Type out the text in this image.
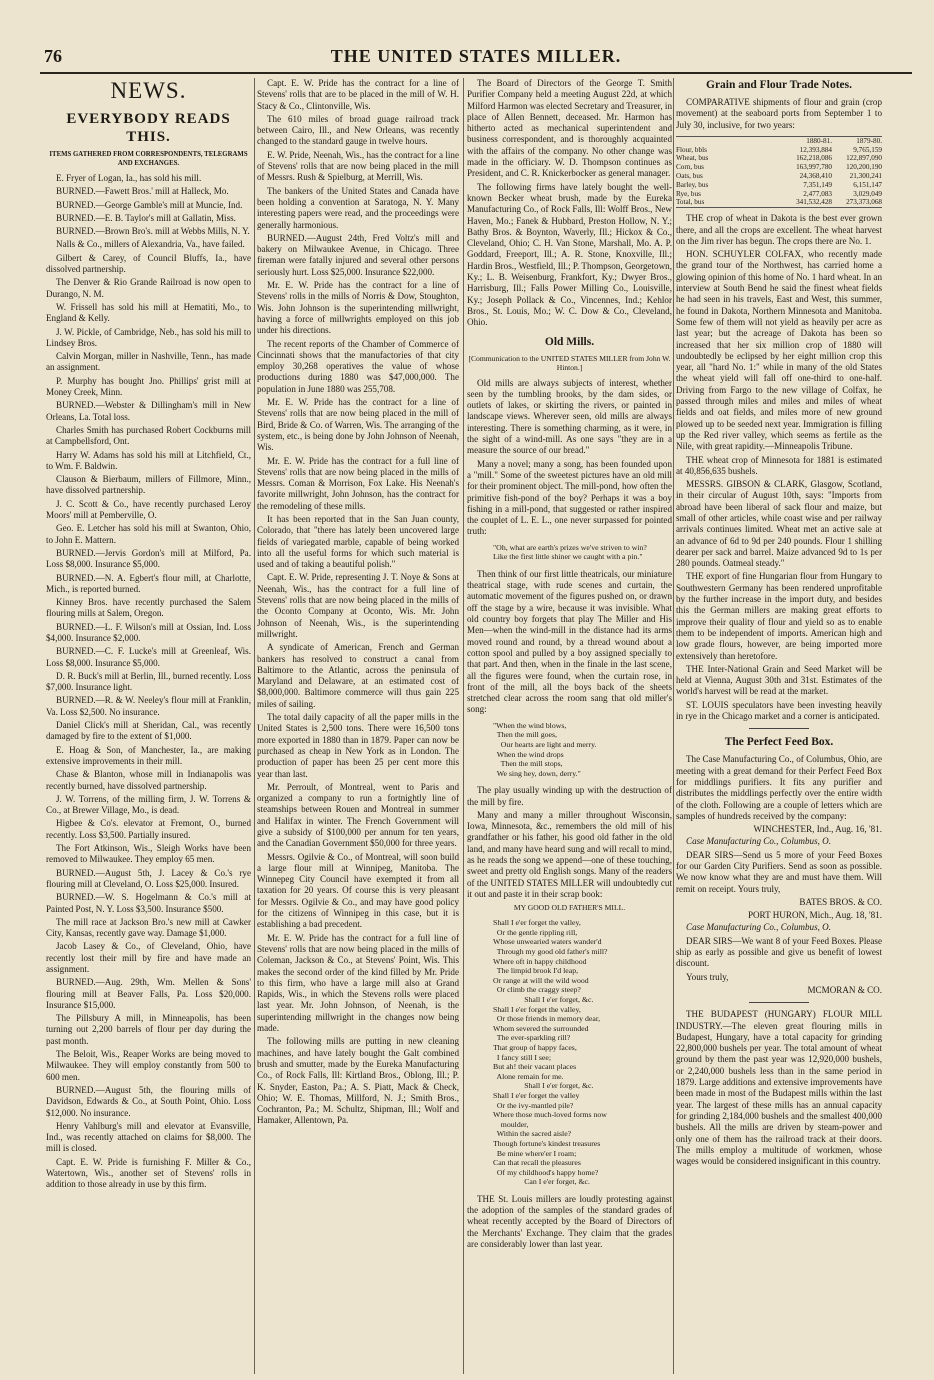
76	THE UNITED STATES MILLER.
NEWS.
EVERYBODY READS THIS.
ITEMS GATHERED FROM CORRESPONDENTS, TELEGRAMS AND EXCHANGES.

E. Fryer of Logan, Ia., has sold his mill.

BURNED.—Fawett Bros.' mill at Halleck, Mo.

BURNED.—George Gamble's mill at Muncie, Ind.

BURNED.—E. B. Taylor's mill at Gallatin, Miss.

BURNED.—Brown Bro's. mill at Webbs Mills, N. Y.

Nalls & Co., millers of Alexandria, Va., have failed.

Gilbert & Carey, of Council Bluffs, Ia., have dissolved partnership.

The Denver & Rio Grande Railroad is now open to Durango, N. M.

W. Frissell has sold his mill at Hematiti, Mo., to England & Kelly.

J. W. Pickle, of Cambridge, Neb., has sold his mill to Lindsey Bros.

Calvin Morgan, miller in Nashville, Tenn., has made an assignment.

P. Murphy has bought Jno. Phillips' grist mill at Money Creek, Minn.

BURNED.—Webster & Dillingham's mill in New Orleans, La. Total loss.

Charles Smith has purchased Robert Cockburns mill at Campbellsford, Ont.

Harry W. Adams has sold his mill at Litchfield, Ct., to Wm. F. Baldwin.

Clauson & Bierbaum, millers of Fillmore, Minn., have dissolved partnership.

J. C. Scott & Co., have recently purchased Leroy Moors' mill at Pemberville, O.

Geo. E. Letcher has sold his mill at Swanton, Ohio, to John E. Mattern.

BURNED.—Jervis Gordon's mill at Milford, Pa. Loss $8,000. Insurance $5,000.

BURNED.—N. A. Egbert's flour mill, at Charlotte, Mich., is reported burned.

Kinney Bros. have recently purchased the Salem flouring mills at Salem, Oregon.

BURNED.—L. F. Wilson's mill at Ossian, Ind. Loss $4,000. Insurance $2,000.

BURNED.—C. F. Lucke's mill at Greenleaf, Wis. Loss $8,000. Insurance $5,000.

D. R. Buck's mill at Berlin, Ill., burned recently. Loss $7,000. Insurance light.

BURNED.—R. & W. Neeley's flour mill at Franklin, Va. Loss $2,500. No insurance.

Daniel Click's mill at Sheridan, Cal., was recently damaged by fire to the extent of $1,000.

E. Hoag & Son, of Manchester, Ia., are making extensive improvements in their mill.

Chase & Blanton, whose mill in Indianapolis was recently burned, have dissolved partnership.

J. W. Torrens, of the milling firm, J. W. Torrens & Co., at Brewer Village, Mo., is dead.

Higbee & Co's. elevator at Fremont, O., burned recently. Loss $3,500. Partially insured.

The Fort Atkinson, Wis., Sleigh Works have been removed to Milwaukee. They employ 65 men.

BURNED.—August 5th, J. Lacey & Co.'s rye flouring mill at Cleveland, O. Loss $25,000. Insured.

BURNED.—W. S. Hogelmann & Co.'s mill at Painted Post, N. Y. Loss $3,500. Insurance $500.

The mill race at Jackson Bro.'s new mill at Cawker City, Kansas, recently gave way. Damage $1,000.

Jacob Lasey & Co., of Cleveland, Ohio, have recently lost their mill by fire and have made an assignment.

BURNED.—Aug. 29th, Wm. Mellen & Sons' flouring mill at Beaver Falls, Pa. Loss $20,000. Insurance $15,000.

The Pillsbury A mill, in Minneapolis, has been turning out 2,200 barrels of flour per day during the past month.

The Beloit, Wis., Reaper Works are being moved to Milwaukee. They will employ constantly from 500 to 600 men.

BURNED.—August 5th, the flouring mills of Davidson, Edwards & Co., at South Point, Ohio. Loss $12,000. No insurance.

Henry Vahlburg's mill and elevator at Evansville, Ind., was recently attached on claims for $8,000. The mill is closed.

Capt. E. W. Pride is furnishing F. Miller & Co., Watertown, Wis., another set of Stevens' rolls in addition to those already in use by this firm.

Capt. E. W. Pride has the contract for a line of Stevens' rolls that are to be placed in the mill of W. H. Stacy & Co., Clintonville, Wis.

The 610 miles of broad guage railroad track between Cairo, Ill., and New Orleans, was recently changed to the standard gauge in twelve hours.

E. W. Pride, Neenah, Wis., has the contract for a line of Stevens' rolls that are now being placed in the mill of Messrs. Rush & Spielburg, at Merrill, Wis.

The bankers of the United States and Canada have been holding a convention at Saratoga, N. Y. Many interesting papers were read, and the proceedings were generally harmonious.

BURNED.—August 24th, Fred Voltz's mill and bakery on Milwaukee Avenue, in Chicago. Three fireman were fatally injured and several other persons seriously hurt. Loss $25,000. Insurance $22,000.

Mr. E. W. Pride has the contract for a line of Stevens' rolls in the mills of Norris & Dow, Stoughton, Wis. John Johnson is the superintending millwright, having a force of millwrights employed on this job under his directions.

The recent reports of the Chamber of Commerce of Cincinnati shows that the manufactories of that city employ 30,268 operatives the value of whose productions during 1880 was $47,000,000. The population in June 1880 was 255,708.

Mr. E. W. Pride has the contract for a line of Stevens' rolls that are now being placed in the mill of Bird, Bride & Co. of Warren, Wis. The arranging of the system, etc., is being done by John Johnson of Neenah, Wis.

Mr. E. W. Pride has the contract for a full line of Stevens' rolls that are now being placed in the mills of Messrs. Coman & Morrison, Fox Lake. His Neenah's favorite millwright, John Johnson, has the contract for the remodeling of these mills.

It has been reported that in the San Juan county, Colorado, that "there has lately been uncovered large fields of variegated marble, capable of being worked into all the useful forms for which such material is used and of taking a beautiful polish."

Capt. E. W. Pride, representing J. T. Noye & Sons at Neenah, Wis., has the contract for a full line of Stevens' rolls that are now being placed in the mills of the Oconto Company at Oconto, Wis. Mr. John Johnson of Neenah, Wis., is the superintending millwright.

A syndicate of American, French and German bankers has resolved to construct a canal from Baltimore to the Atlantic, across the peninsula of Maryland and Delaware, at an estimated cost of $8,000,000. Baltimore commerce will thus gain 225 miles of sailing.

The total daily capacity of all the paper mills in the United States is 2,500 tons. There were 16,500 tons more exported in 1880 than in 1879. Paper can now be purchased as cheap in New York as in London. The production of paper has been 25 per cent more this year than last.

Mr. Perroult, of Montreal, went to Paris and organized a company to run a fortnightly line of steamships between Rouen and Montreal in summer and Halifax in winter. The French Government will give a subsidy of $100,000 per annum for ten years, and the Canadian Government $50,000 for three years.

Messrs. Ogilvie & Co., of Montreal, will soon build a large flour mill at Winnipeg, Manitoba. The Winnepeg City Council have exempted it from all taxation for 20 years. Of course this is very pleasant for Messrs. Ogilvie & Co., and may have good policy for the citizens of Winnipeg in this case, but it is establishing a bad precedent.

Mr. E. W. Pride has the contract for a full line of Stevens' rolls that are now being placed in the mills of Coleman, Jackson & Co., at Stevens' Point, Wis. This makes the second order of the kind filled by Mr. Pride to this firm, who have a large mill also at Grand Rapids, Wis., in which the Stevens rolls were placed last year. Mr. John Johnson, of Neenah, is the superintending millwright in the changes now being made.

The following mills are putting in new cleaning machines, and have lately bought the Galt combined brush and smutter, made by the Eureka Manufacturing Co., of Rock Falls, Ill: Kirtland Bros., Oblong, Ill.; P. K. Snyder, Easton, Pa.; A. S. Piatt, Mack & Check, Ohio; W. E. Thomas, Millford, N. J.; Smith Bros., Cochranton, Pa.; M. Schultz, Shipman, Ill.; Wolf and Hamaker, Allentown, Pa.

The Board of Directors of the George T. Smith Purifier Company held a meeting August 22d, at which Milford Harmon was elected Secretary and Treasurer, in place of Allen Bennett, deceased. Mr. Harmon has hitherto acted as mechanical superintendent and business correspondent, and is thoroughly acquainted with the affairs of the company. No other change was made in the officiary. W. D. Thompson continues as President, and C. R. Knickerbocker as general manager.

The following firms have lately bought the well-known Becker wheat brush, made by the Eureka Manufacturing Co., of Rock Falls, Ill: Wolff Bros., New Haven, Mo.; Fanek & Hubbard, Preston Hollow, N. Y.; Bathy Bros. & Boynton, Waverly, Ill.; Hickox & Co., Cleveland, Ohio; C. H. Van Stone, Marshall, Mo. A. P. Goddard, Freeport, Ill.; A. R. Stone, Knoxville, Ill.; Hardin Bros., Westfield, Ill.; P. Thompson, Georgetown, Ky.; L. B. Weisenburg, Frankfort, Ky.; Dwyer Bros., Harrisburg, Ill.; Falls Power Milling Co., Louisville, Ky.; Joseph Pollack & Co., Vincennes, Ind.; Kehlor Bros., St. Louis, Mo.; W. C. Dow & Co., Cleveland, Ohio.

Old Mills.
[Communication to the UNITED STATES MILLER from John W. Hinton.]

Old mills are always subjects of interest, whether seen by the tumbling brooks, by the dam sides, or outlets of lakes, or skirting the rivers, or painted in landscape views. Wherever seen, old mills are always interesting. There is something charming, as it were, in the sight of a wind-mill. As one says "they are in a measure the source of our bread."

Many a novel; many a song, has been founded upon a "mill." Some of the sweetest pictures have an old mill for their prominent object. The mill-pond, how often the primitive fish-pond of the boy? Perhaps it was a boy fishing in a mill-pond, that suggested or rather inspired the couplet of L. E. L., one never surpassed for pointed truth:

"Oh, what are earth's prizes we've striven to win?
Like the first little shiner we caught with a pin."

Then think of our first little theatricals, our miniature theatrical stage, with rude scenes and curtain, the automatic movement of the figures pushed on, or drawn off the stage by a wire, because it was invisible. What old country boy forgets that play The Miller and His Men—when the wind-mill in the distance had its arms moved round and round, by a thread wound about a cotton spool and pulled by a boy assigned specially to that part. And then, when in the finale in the last scene, all the figures were found, when the curtain rose, in front of the mill, all the boys back of the sheets stretched clear across the room sang that old miller's song:

"When the wind blows,
Then the mill goes,
Our hearts are light and merry.
When the wind drops
Then the mill stops,
We sing hey, down, derry."

The play usually winding up with the destruction of the mill by fire.

Many and many a miller throughout Wisconsin, Iowa, Minnesota, &c., remembers the old mill of his grandfather or his father, his good old father in the old land, and many have heard sung and will recall to mind, as he reads the song we append—one of these touching, sweet and pretty old English songs. Many of the readers of the UNITED STATES MILLER will undoubtedly cut it out and paste it in their scrap book:

MY GOOD OLD FATHER'S MILL.
Shall I e'er forget the valley,
Or the gentle rippling rill,
Whose unwearied waters wander'd
Through my good old father's mill?
Where oft in happy childhood
The limpid brook I'd leap,
Or range at will the wild wood
Or climb the craggy steep?
Shall I e'er forget, &c.
Shall I e'er forget the valley,
Or those friends in memory dear,
Whom severed the surrounded
The ever-sparkling rill?
That group of happy faces,
I fancy still I see;
But ah! their vacant places
Alone remain for me.
Shall I e'er forget, &c.
Shall I e'er forget the valley
Or the ivy-mantled pile?
Where those much-loved forms now
moulder,
Within the sacred aisle?
Though fortune's kindest treasures
Be mine where'er I roam;
Can that recall the pleasures
Of my childhood's happy home?
Can I e'er forget, &c.

THE St. Louis millers are loudly protesting against the adoption of the samples of the standard grades of wheat recently accepted by the Board of Directors of the Merchants' Exchange. They claim that the grades are considerably lower than last year.

Grain and Flour Trade Notes.

COMPARATIVE shipments of flour and grain (crop movement) at the seaboard ports from September 1 to July 30, inclusive, for two years:

1880-81.	1879-80.
Flour, bbls	12,393,884	9,765,159
Wheat, bus	162,218,086	122,897,090
Corn, bus	163,997,780	120,200,190
Oats, bus	24,368,410	21,300,241
Barley, bus	7,351,149	6,151,147
Rye, bus	2,477,083	3,029,049
Total, bus	341,532,428	273,373,068

THE crop of wheat in Dakota is the best ever grown there, and all the crops are excellent. The wheat harvest on the Jim river has begun. The crops there are No. 1.

HON. SCHUYLER COLFAX, who recently made the grand tour of the Northwest, has carried home a glowing opinion of this home of No. 1 hard wheat. In an interview at South Bend he said the finest wheat fields he had seen in his travels, East and West, this summer, he found in Dakota, Northern Minnesota and Manitoba. Some few of them will not yield as heavily per acre as last year; but the acreage of Dakota has been so increased that her six million crop of 1880 will undoubtedly be eclipsed by her eight million crop this year, all "hard No. 1:" while in many of the old States the wheat yield will fall off one-third to one-half. Driving from Fargo to the new village of Colfax, he passed through miles and miles and miles of wheat fields and oat fields, and miles more of new ground plowed up to be seeded next year. Immigration is filling up the Red river valley, which seems as fertile as the Nile, with great rapidity.—Minneapolis Tribune.

THE wheat crop of Minnesota for 1881 is estimated at 40,856,635 bushels.

MESSRS. GIBSON & CLARK, Glasgow, Scotland, in their circular of August 10th, says: "Imports from abroad have been liberal of sack flour and maize, but small of other articles, while coast wise and per railway arrivals continues limited. Wheat met an active sale at an advance of 6d to 9d per 240 pounds. Flour 1 shilling dearer per sack and barrel. Maize advanced 9d to 1s per 280 pounds. Oatmeal steady."

THE export of fine Hungarian flour from Hungary to Southwestern Germany has been rendered unprofitable by the further increase in the import duty, and besides this the German millers are making great efforts to improve their quality of flour and yield so as to enable them to be independent of imports. American high and low grade flours, however, are being imported more extensively than heretofore.

THE Inter-National Grain and Seed Market will be held at Vienna, August 30th and 31st. Estimates of the world's harvest will be read at the market.

ST. LOUIS speculators have been investing heavily in rye in the Chicago market and a corner is anticipated.

The Perfect Feed Box.

The Case Manufacturing Co., of Columbus, Ohio, are meeting with a great demand for their Perfect Feed Box for middlings purifiers. It fits any purifier and distributes the middlings perfectly over the entire width of the cloth. Following are a couple of letters which are samples of hundreds received by the company:

WINCHESTER, Ind., Aug. 16, '81.

Case Manufacturing Co., Columbus, O.

DEAR SIRS—Send us 5 more of your Feed Boxes for our Garden City Purifiers. Send as soon as possible. We now know what they are and must have them. Will remit on receipt. Yours truly,

BATES BROS. & CO.
PORT HURON, Mich., Aug. 18, '81.

Case Manufacturing Co., Columbus, O.

DEAR SIRS—We want 8 of your Feed Boxes. Please ship as early as possible and give us benefit of lowest discount.

Yours truly,

MCMORAN & CO.

THE BUDAPEST (HUNGARY) FLOUR MILL INDUSTRY.—The eleven great flouring mills in Budapest, Hungary, have a total capacity for grinding 22,800,000 bushels per year. The total amount of wheat ground by them the past year was 12,920,000 bushels, or 2,240,000 bushels less than in the same period in 1879. Large additions and extensive improvements have been made in most of the Budapest mills within the last year. The largest of these mills has an annual capacity for grinding 2,184,000 bushels and the smallest 400,000 bushels. All the mills are driven by steam-power and only one of them has the railroad track at their doors. The mills employ a multitude of workmen, whose wages would be considered insignificant in this country.
